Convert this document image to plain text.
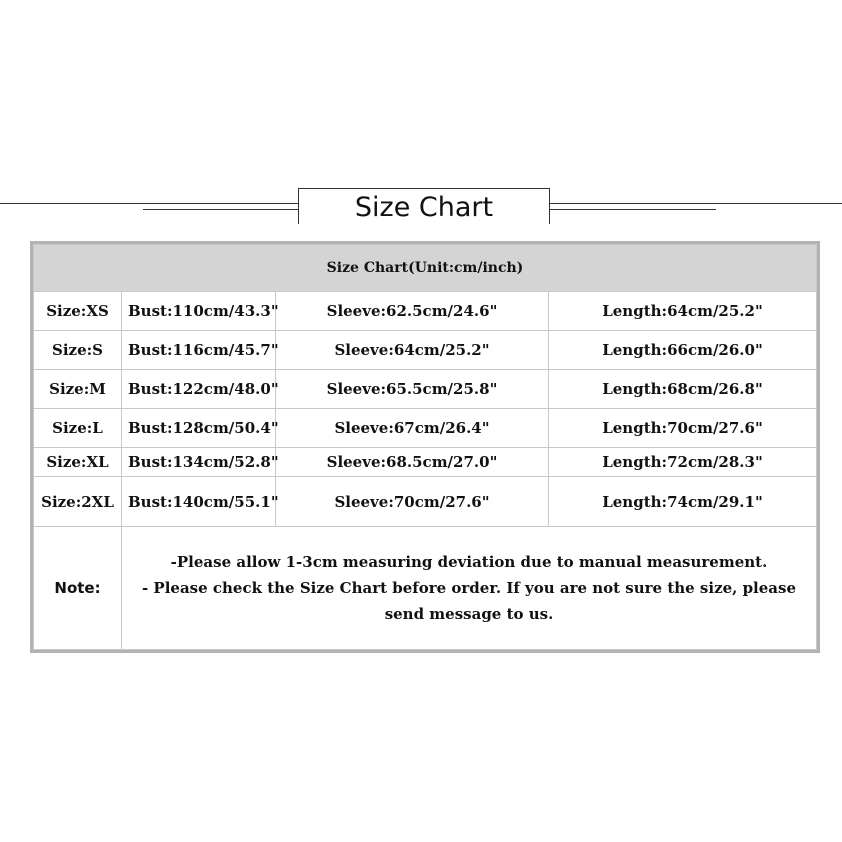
Size Chart
Size Chart(Unit:cm/inch)			
Size:XS	Bust:110cm/43.3"	Sleeve:62.5cm/24.6"	Length:64cm/25.2"
Size:S	Bust:116cm/45.7"	Sleeve:64cm/25.2"	Length:66cm/26.0"
Size:M	Bust:122cm/48.0"	Sleeve:65.5cm/25.8"	Length:68cm/26.8"
Size:L	Bust:128cm/50.4"	Sleeve:67cm/26.4"	Length:70cm/27.6"
Size:XL	Bust:134cm/52.8"	Sleeve:68.5cm/27.0"	Length:72cm/28.3"
Size:2XL	Bust:140cm/55.1"	Sleeve:70cm/27.6"	Length:74cm/29.1"
Note:	-Please allow 1-3cm measuring deviation due to manual measurement.
- Please check the Size Chart before order. If you are not sure the size, please send message to us.		
